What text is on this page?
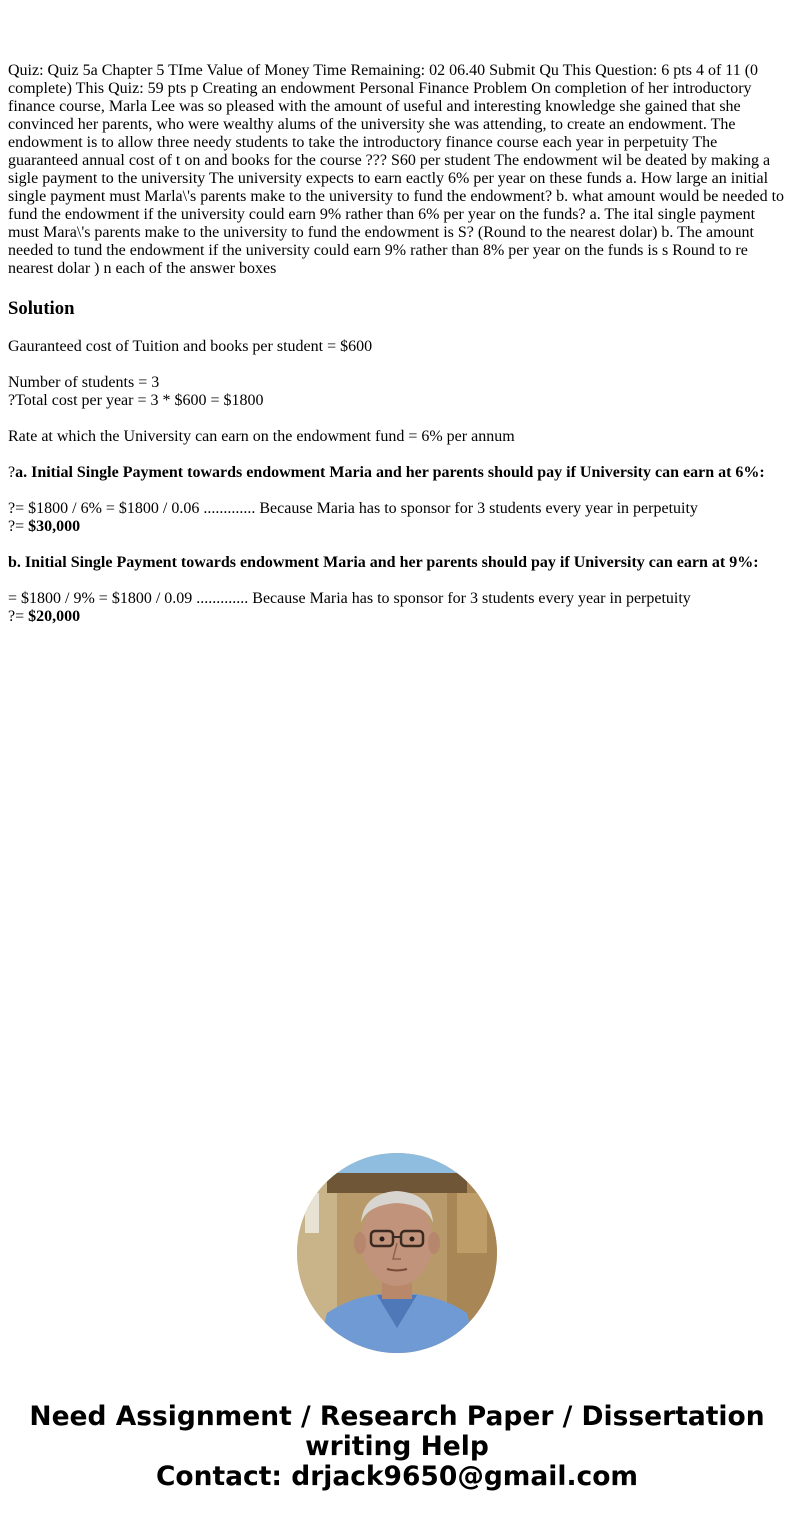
Quiz: Quiz 5a Chapter 5 TIme Value of Money Time Remaining: 02 06.40 Submit Qu This Question: 6 pts 4 of 11 (0 complete) This Quiz: 59 pts p Creating an endowment Personal Finance Problem On completion of her introductory finance course, Marla Lee was so pleased with the amount of useful and interesting knowledge she gained that she convinced her parents, who were wealthy alums of the university she was attending, to create an endowment. The endowment is to allow three needy students to take the introductory finance course each year in perpetuity The guaranteed annual cost of t on and books for the course ??? S60 per student The endowment wil be deated by making a sigle payment to the university The university expects to earn eactly 6% per year on these funds a. How large an initial single payment must Marla\'s parents make to the university to fund the endowment? b. what amount would be needed to fund the endowment if the university could earn 9% rather than 6% per year on the funds? a. The ital single payment must Mara\'s parents make to the university to fund the endowment is S? (Round to the nearest dolar) b. The amount needed to tund the endowment if the university could earn 9% rather than 8% per year on the funds is s Round to re nearest dolar ) n each of the answer boxes
Solution

Gauranteed cost of Tuition and books per student = $600

Number of students = 3
?Total cost per year = 3 * $600 = $1800

Rate at which the University can earn on the endowment fund = 6% per annum

?a. Initial Single Payment towards endowment Maria and her parents should pay if University can earn at 6%:

?= $1800 / 6% = $1800 / 0.06 ............. Because Maria has to sponsor for 3 students every year in perpetuity
?= $30,000

b. Initial Single Payment towards endowment Maria and her parents should pay if University can earn at 9%:

= $1800 / 9% = $1800 / 0.09 ............. Because Maria has to sponsor for 3 students every year in perpetuity
?= $20,000

Need Assignment / Research Paper / Dissertation writing Help
Contact: drjack9650@gmail.com
